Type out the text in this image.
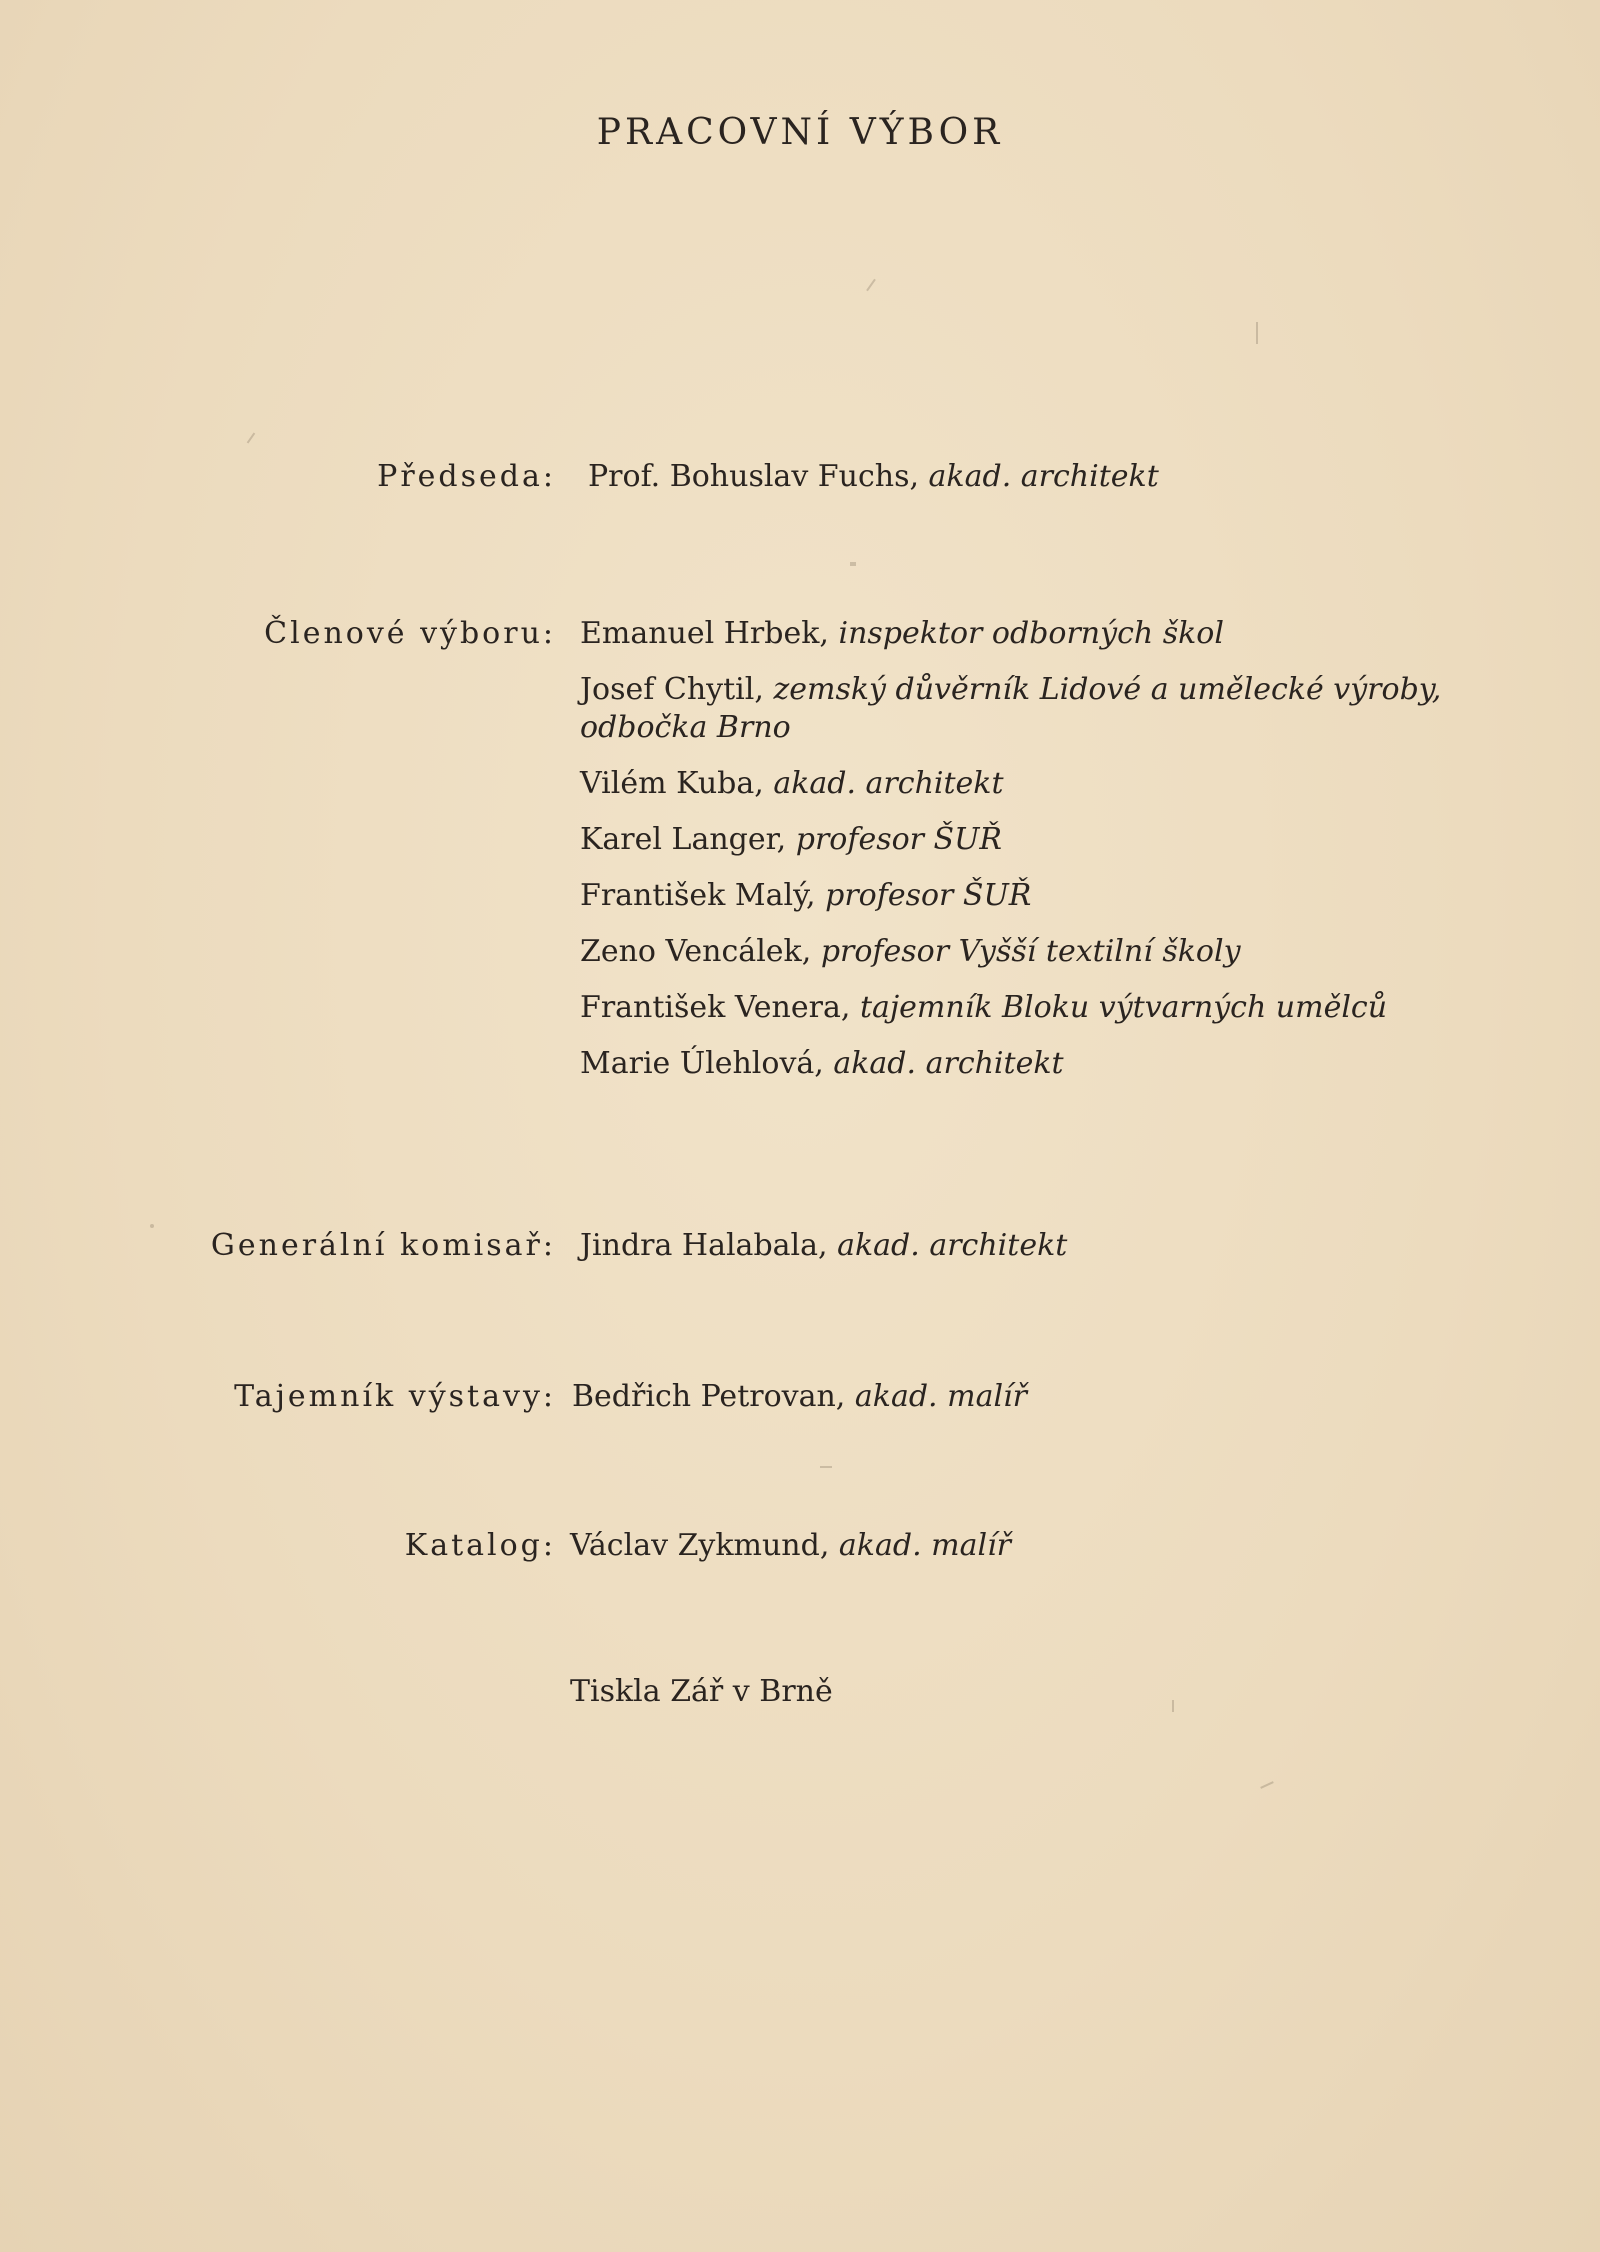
PRACOVNÍ VÝBOR
Předseda: Prof. Bohuslav Fuchs, akad. architekt
Členové výboru: Emanuel Hrbek, inspektor odborných škol
Josef Chytil, zemský důvěrník Lidové a umělecké výroby, odbočka Brno
Vilém Kuba, akad. architekt
Karel Langer, profesor ŠUŘ
František Malý, profesor ŠUŘ
Zeno Vencálek, profesor Vyšší textilní školy
František Venera, tajemník Bloku výtvarných umělců
Marie Úlehlová, akad. architekt
Generální komisař: Jindra Halabala, akad. architekt
Tajemník výstavy: Bedřich Petrovan, akad. malíř
Katalog: Václav Zykmund, akad. malíř
Tiskla Zář v Brně
